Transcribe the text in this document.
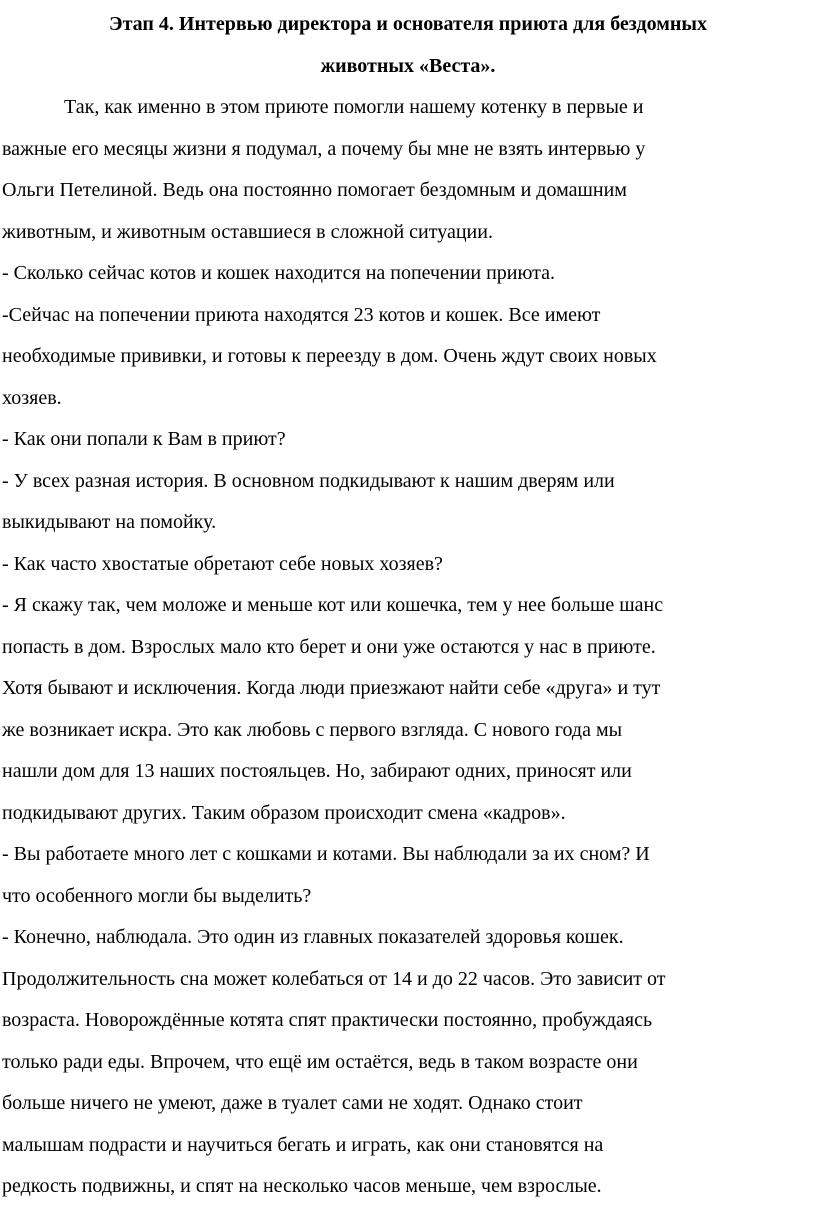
Этап 4. Интервью директора и основателя приюта для бездомных
животных «Веста».
Так, как именно в этом приюте помогли нашему котенку в первые и
важные его месяцы жизни я подумал, а почему бы мне не взять интервью у
Ольги Петелиной. Ведь она постоянно помогает бездомным и домашним
животным, и животным оставшиеся в сложной ситуации.
- Сколько сейчас котов и кошек находится на попечении приюта.
-Сейчас на попечении приюта находятся 23 котов и кошек. Все имеют
необходимые прививки, и готовы к переезду в дом. Очень ждут своих новых
хозяев.
- Как они попали к Вам в приют?
- У всех разная история. В основном подкидывают к нашим дверям или
выкидывают на помойку.
- Как часто хвостатые обретают себе новых хозяев?
- Я скажу так, чем моложе и меньше кот или кошечка, тем у нее больше шанс
попасть в дом. Взрослых мало кто берет и они уже остаются у нас в приюте.
Хотя бывают и исключения. Когда люди приезжают найти себе «друга» и тут
же возникает искра. Это как любовь с первого взгляда. С нового года мы
нашли дом для 13 наших постояльцев. Но, забирают одних, приносят или
подкидывают других. Таким образом происходит смена «кадров».
- Вы работаете много лет с кошками и котами. Вы наблюдали за их сном? И
что особенного могли бы выделить?
- Конечно, наблюдала. Это один из главных показателей здоровья кошек.
Продолжительность сна может колебаться от 14 и до 22 часов. Это зависит от
возраста. Новорождённые котята спят практически постоянно, пробуждаясь
только ради еды. Впрочем, что ещё им остаётся, ведь в таком возрасте они
больше ничего не умеют, даже в туалет сами не ходят. Однако стоит
малышам подрасти и научиться бегать и играть, как они становятся на
редкость подвижны, и спят на несколько часов меньше, чем взрослые.
